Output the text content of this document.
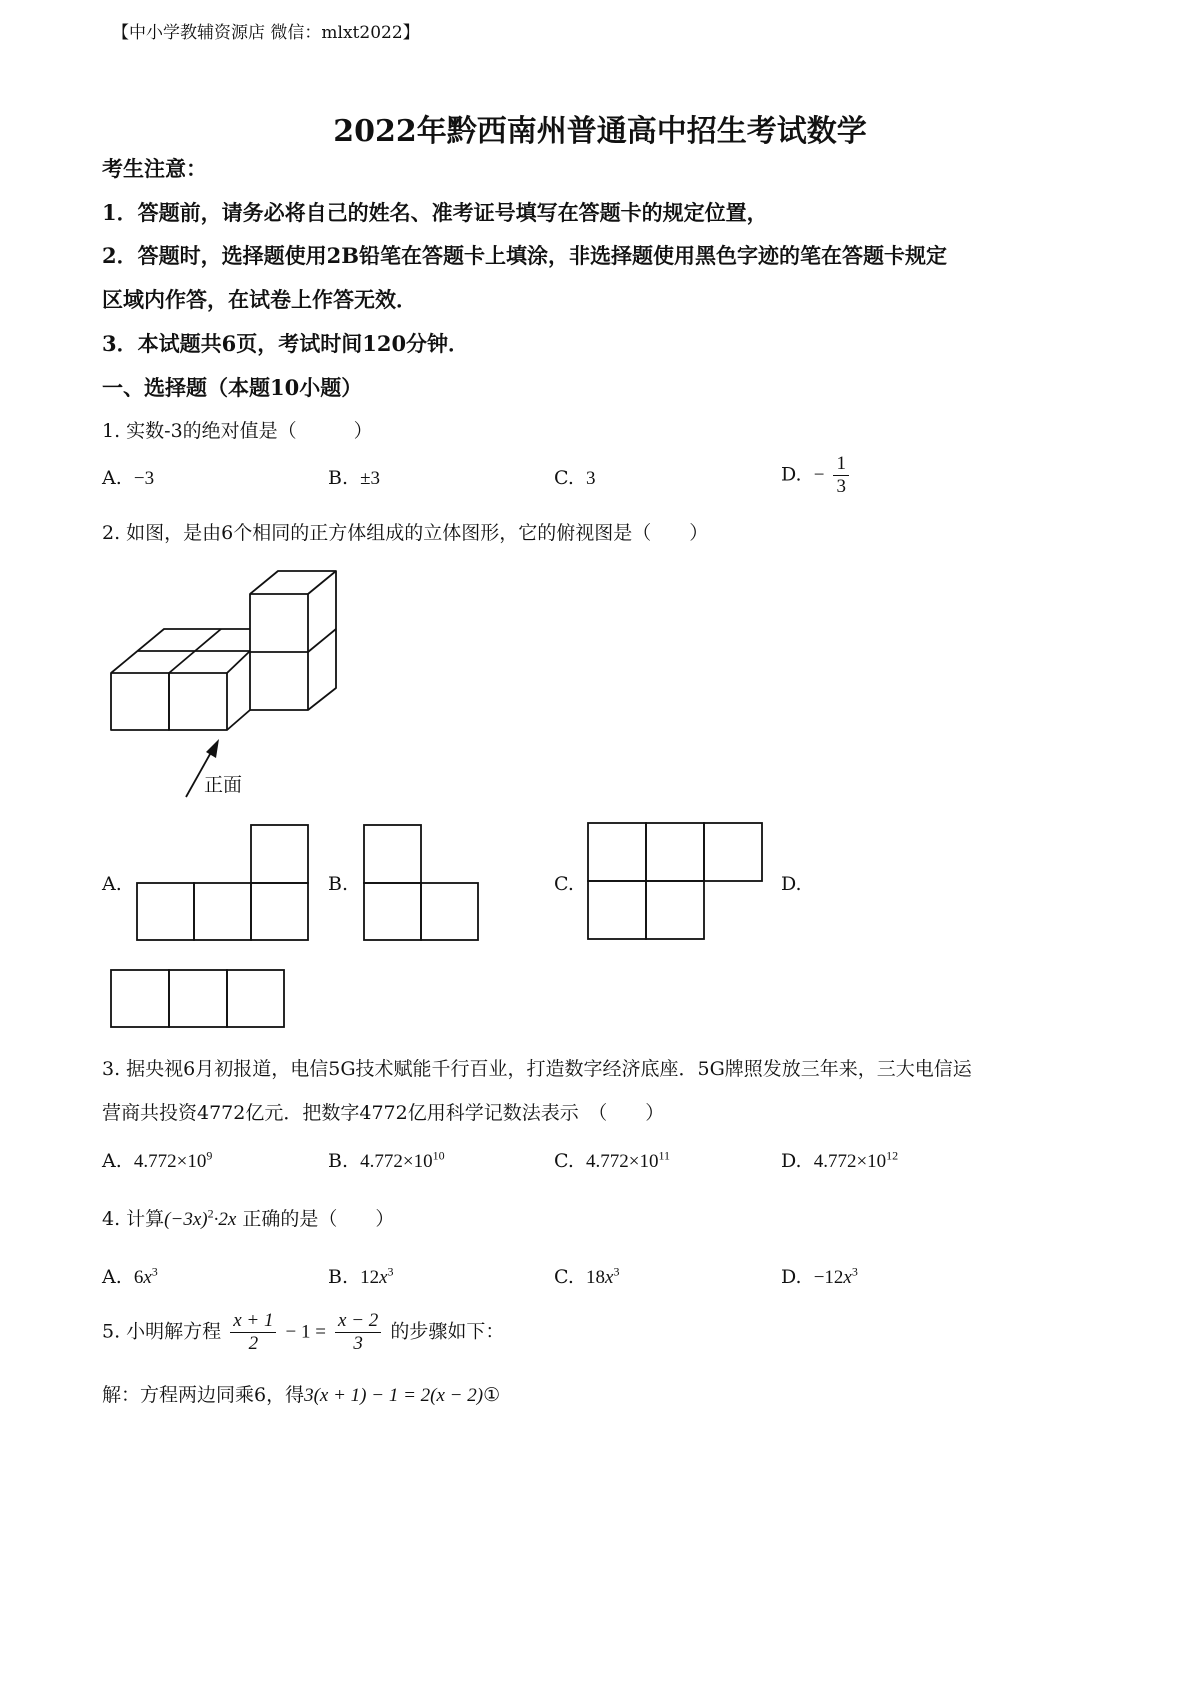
【中小学教辅资源店 微信：mlxt2022】
2022年黔西南州普通高中招生考试数学
考生注意：
1．答题前，请务必将自己的姓名、准考证号填写在答题卡的规定位置，
2．答题时，选择题使用2B铅笔在答题卡上填涂，非选择题使用黑色字迹的笔在答题卡规定
区域内作答，在试卷上作答无效．
3．本试题共6页，考试时间120分钟．
一、选择题（本题10小题）
1. 实数-3的绝对值是（　　　）
A. −3	B. ±3	C. 3	D. − $\frac{1}{3}$
2. 如图，是由6个相同的正方体组成的立体图形，它的俯视图是（　　）
正面
A.	B.	C.	D.
3. 据央视6月初报道，电信5G技术赋能千行百业，打造数字经济底座．5G牌照发放三年来，三大电信运
营商共投资4772亿元．把数字4772亿用科学记数法表示　（　　）
A. $4.772\times 10^9$	B. $4.772\times 10^{10}$	C. $4.772\times 10^{11}$	D. $4.772\times 10^{12}$
4. 计算$(-3x)^2\cdot 2x$ 正确的是（　　）
A. $6x^3$	B. $12x^3$	C. $18x^3$	D. $-12x^3$
5. 小明解方程 $\frac{x + 1}{2} - 1 = \frac{x - 2}{3}$ 的步骤如下：
解：方程两边同乘6，得3(x + 1) − 1 = 2(x − 2)①
